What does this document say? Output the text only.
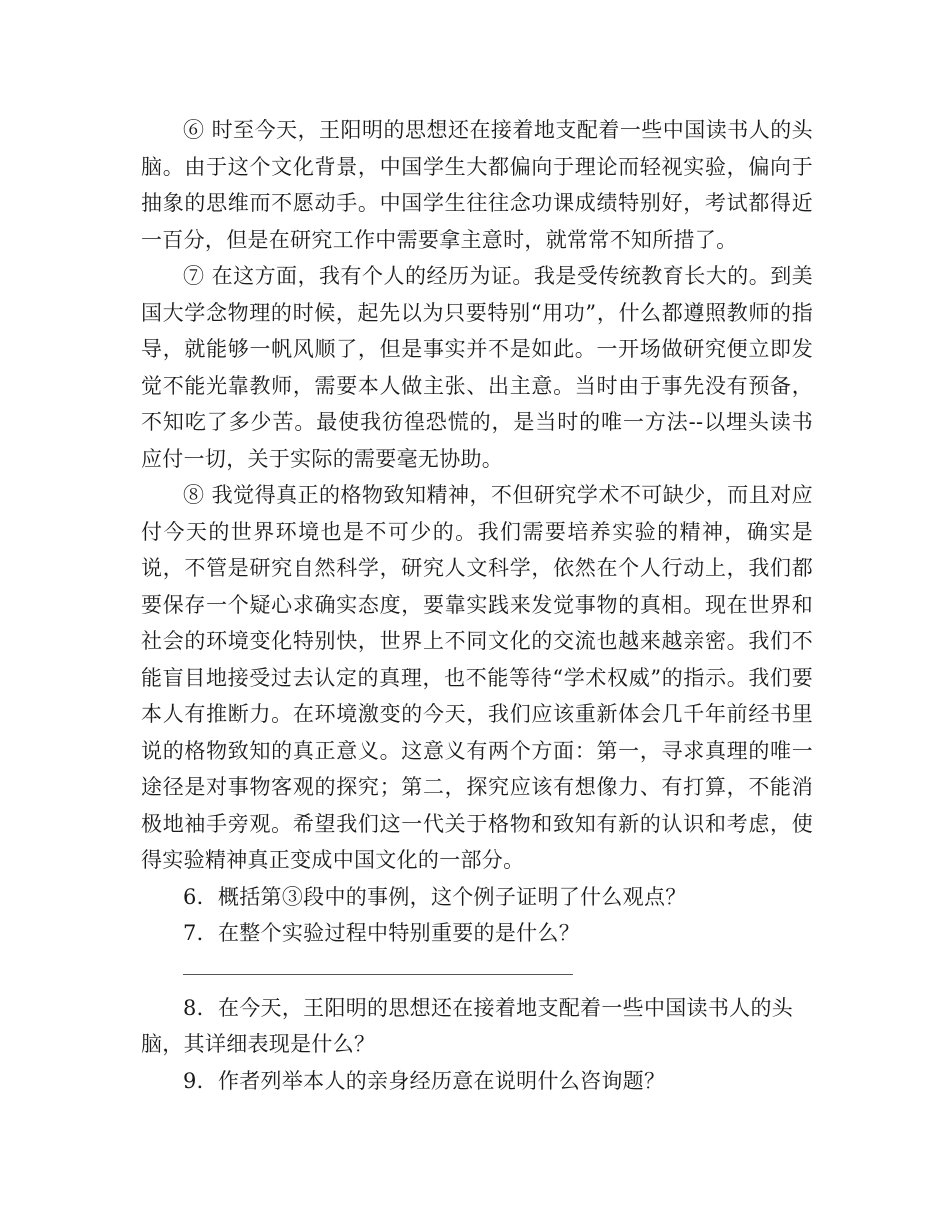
⑥ 时至今天，王阳明的思想还在接着地支配着一些中国读书人的头脑。由于这个文化背景，中国学生大都偏向于理论而轻视实验，偏向于抽象的思维而不愿动手。中国学生往往念功课成绩特别好，考试都得近一百分，但是在研究工作中需要拿主意时，就常常不知所措了。

⑦ 在这方面，我有个人的经历为证。我是受传统教育长大的。到美国大学念物理的时候，起先以为只要特别“用功”，什么都遵照教师的指导，就能够一帆风顺了，但是事实并不是如此。一开场做研究便立即发觉不能光靠教师，需要本人做主张、出主意。当时由于事先没有预备，不知吃了多少苦。最使我彷徨恐慌的，是当时的唯一方法--以埋头读书应付一切，关于实际的需要毫无协助。

⑧ 我觉得真正的格物致知精神，不但研究学术不可缺少，而且对应付今天的世界环境也是不可少的。我们需要培养实验的精神，确实是说，不管是研究自然科学，研究人文科学，依然在个人行动上，我们都要保存一个疑心求确实态度，要靠实践来发觉事物的真相。现在世界和社会的环境变化特别快，世界上不同文化的交流也越来越亲密。我们不能盲目地接受过去认定的真理，也不能等待“学术权威”的指示。我们要本人有推断力。在环境激变的今天，我们应该重新体会几千年前经书里说的格物致知的真正意义。这意义有两个方面：第一，寻求真理的唯一途径是对事物客观的探究；第二，探究应该有想像力、有打算，不能消极地袖手旁观。希望我们这一代关于格物和致知有新的认识和考虑，使得实验精神真正变成中国文化的一部分。

6．概括第③段中的事例，这个例子证明了什么观点？

7．在整个实验过程中特别重要的是什么？

8．在今天，王阳明的思想还在接着地支配着一些中国读书人的头脑，其详细表现是什么？

9．作者列举本人的亲身经历意在说明什么咨询题？
